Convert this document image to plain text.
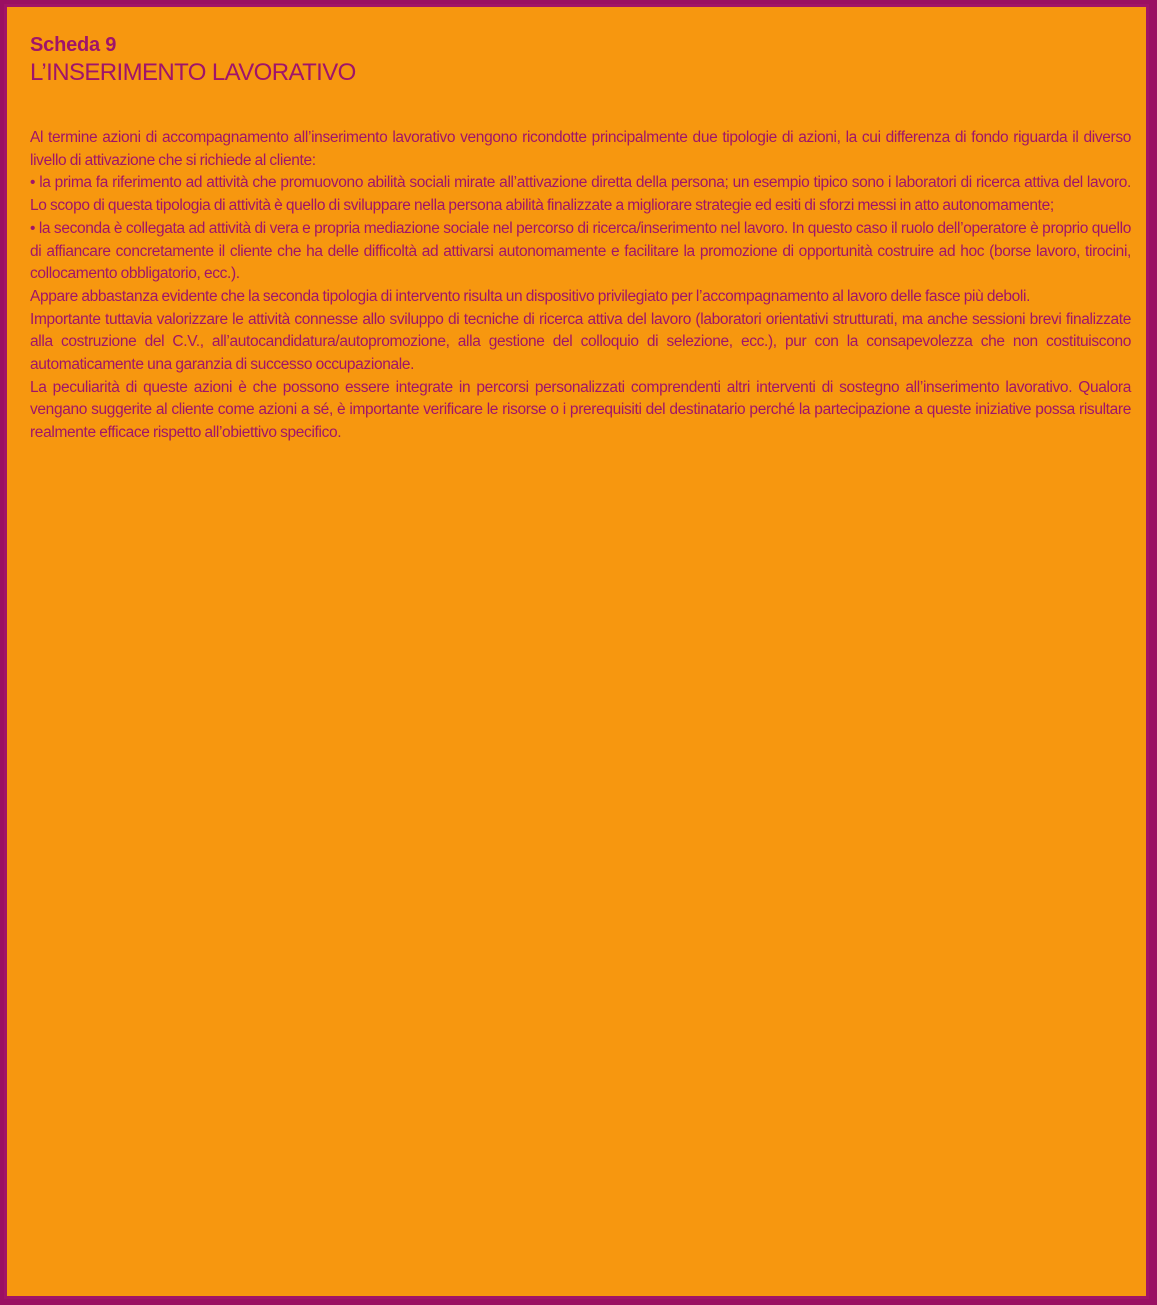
Scheda 9
L’INSERIMENTO LAVORATIVO

Al termine azioni di accompagnamento all’inserimento lavorativo vengono ricondotte principalmente due tipologie di azioni, la cui differenza di fondo riguarda il diverso livello di attivazione che si richiede al cliente:

• la prima fa riferimento ad attività che promuovono abilità sociali mirate all’attivazione diretta della persona; un esempio tipico sono i laboratori di ricerca attiva del lavoro. Lo scopo di questa tipologia di attività è quello di sviluppare nella persona abilità finalizzate a migliorare strategie ed esiti di sforzi messi in atto autonomamente;

• la seconda è collegata ad attività di vera e propria mediazione sociale nel percorso di ricerca/inserimento nel lavoro. In questo caso il ruolo dell’operatore è proprio quello di affiancare concretamente il cliente che ha delle difficoltà ad attivarsi autonomamente e facilitare la promozione di opportunità costruire ad hoc (borse lavoro, tirocini, collocamento obbligatorio, ecc.).

Appare abbastanza evidente che la seconda tipologia di intervento risulta un dispositivo privilegiato per l’accompagnamento al lavoro delle fasce più deboli.

Importante tuttavia valorizzare le attività connesse allo sviluppo di tecniche di ricerca attiva del lavoro (laboratori orientativi strutturati, ma anche sessioni brevi finalizzate alla costruzione del C.V., all’autocandidatura/autopromozione, alla gestione del colloquio di selezione, ecc.), pur con la consapevolezza che non costituiscono automaticamente una garanzia di successo occupazionale.

La peculiarità di queste azioni è che possono essere integrate in percorsi personalizzati comprendenti altri interventi di sostegno all’inserimento lavorativo. Qualora vengano suggerite al cliente come azioni a sé, è importante verificare le risorse o i prerequisiti del destinatario perché la partecipazione a queste iniziative possa risultare realmente efficace rispetto all’obiettivo specifico.
